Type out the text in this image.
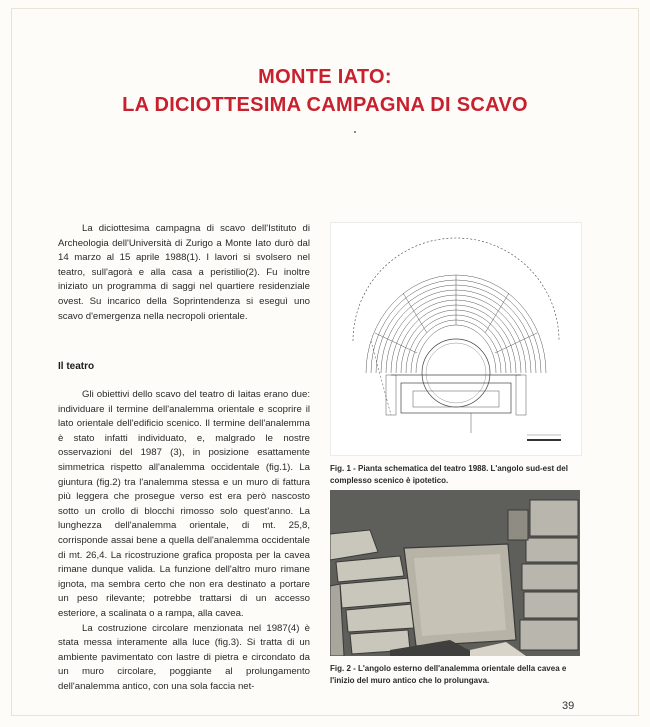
MONTE IATO:
LA DICIOTTESIMA CAMPAGNA DI SCAVO

La diciottesima campagna di scavo dell'Istituto di Archeologia dell'Università di Zurigo a Monte Iato durò dal 14 marzo al 15 aprile 1988(1). I lavori si svolsero nel teatro, sull'agorà e alla casa a peristilio(2). Fu inoltre iniziato un programma di saggi nel quartiere residenziale ovest. Su incarico della Soprintendenza si eseguì uno scavo d'emergenza nella necropoli orientale.

Il teatro

Gli obiettivi dello scavo del teatro di Iaitas erano due: individuare il termine dell'analemma orientale e scoprire il lato orientale dell'edificio scenico. Il termine dell'analemma è stato infatti individuato, e, malgrado le nostre osservazioni del 1987 (3), in posizione esattamente simmetrica rispetto all'analemma occidentale (fig.1). La giuntura (fig.2) tra l'analemma stessa e un muro di fattura più leggera che prosegue verso est era però nascosto sotto un crollo di blocchi rimosso solo quest'anno. La lunghezza dell'analemma orientale, di mt. 25,8, corrisponde assai bene a quella dell'analemma occidentale di mt. 26,4. La ricostruzione grafica proposta per la cavea rimane dunque valida. La funzione dell'altro muro rimane ignota, ma sembra certo che non era destinato a portare un peso rilevante; potrebbe trattarsi di un accesso esteriore, a scalinata o a rampa, alla cavea.

La costruzione circolare menzionata nel 1987(4) è stata messa interamente alla luce (fig.3). Si tratta di un ambiente pavimentato con lastre di pietra e circondato da un muro circolare, poggiante al prolungamento dell'analemma antico, con una sola faccia net-

Fig. 1 - Pianta schematica del teatro 1988. L'angolo sud-est del complesso scenico è ipotetico.
Fig. 2 - L'angolo esterno dell'analemma orientale della cavea e l'inizio del muro antico che lo prolungava.
39
